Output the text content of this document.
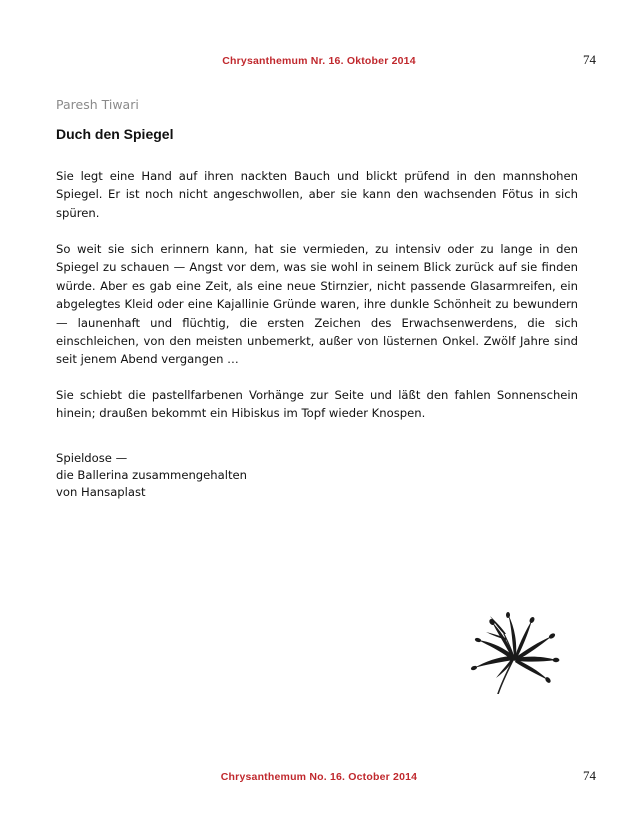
Chrysanthemum Nr. 16. Oktober 2014	74
Paresh Tiwari
Duch den Spiegel

Sie legt eine Hand auf ihren nackten Bauch und blickt prüfend in den mannshohen Spiegel. Er ist noch nicht angeschwollen, aber sie kann den wachsenden Fötus in sich spüren.

So weit sie sich erinnern kann, hat sie vermieden, zu intensiv oder zu lange in den Spiegel zu schauen — Angst vor dem, was sie wohl in seinem Blick zurück auf sie finden würde. Aber es gab eine Zeit, als eine neue Stirnzier, nicht passende Glasarmreifen, ein abgelegtes Kleid oder eine Kajallinie Gründe waren, ihre dunkle Schönheit zu bewundern — launenhaft und flüchtig, die ersten Zeichen des Erwachsenwerdens, die sich einschleichen, von den meisten unbemerkt, außer von lüsternen Onkel. Zwölf Jahre sind seit jenem Abend vergangen …

Sie schiebt die pastellfarbenen Vorhänge zur Seite und läßt den fahlen Sonnenschein hinein; draußen bekommt ein Hibiskus im Topf wieder Knospen.

Spieldose —
die Ballerina zusammengehalten
von Hansaplast
Chrysanthemum No. 16. October 2014	74
